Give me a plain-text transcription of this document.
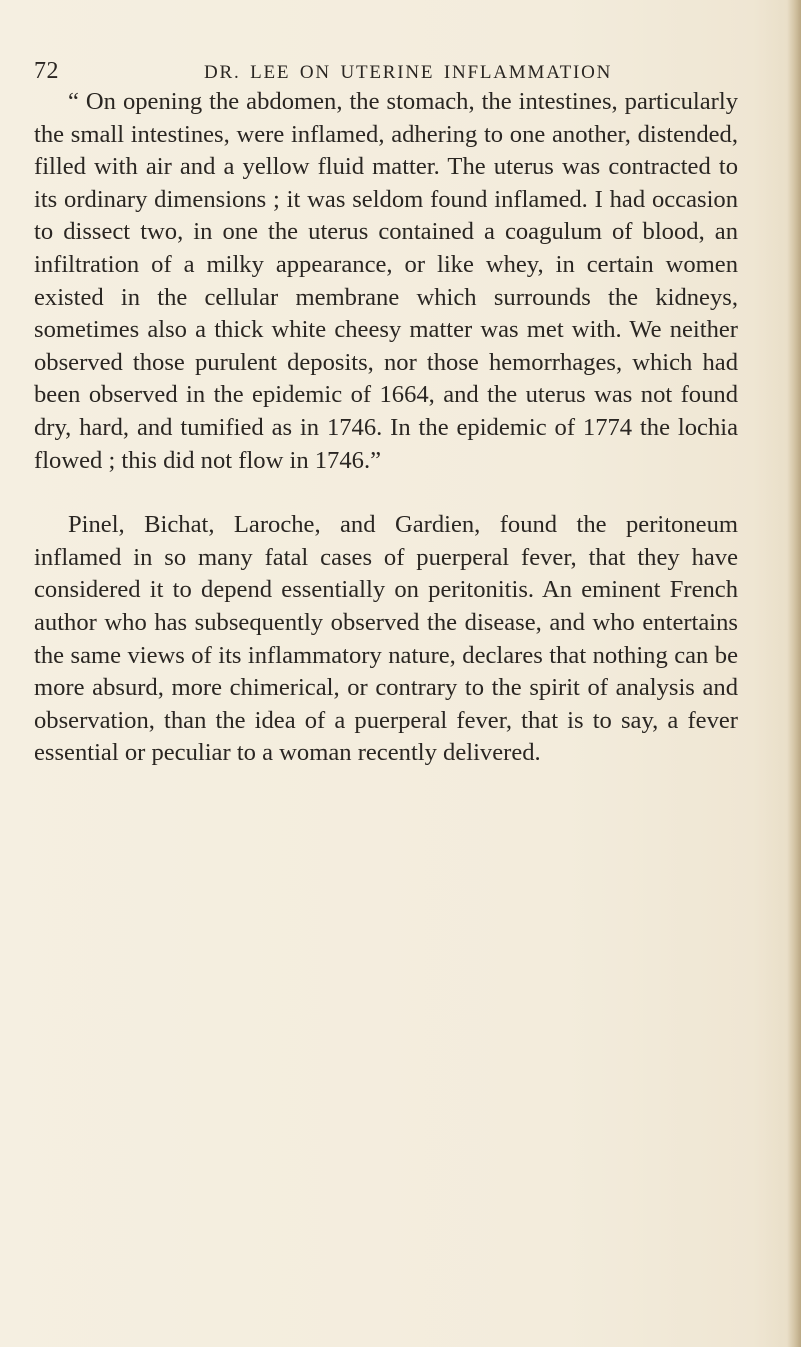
72	DR. LEE ON UTERINE INFLAMMATION

“ On opening the abdomen, the stomach, the intestines, particularly the small intestines, were inflamed, adhering to one another, distended, filled with air and a yellow fluid matter. The uterus was contracted to its ordinary dimensions ; it was seldom found inflamed. I had occasion to dissect two, in one the uterus contained a coagulum of blood, an infiltration of a milky appearance, or like whey, in certain women existed in the cellular membrane which surrounds the kidneys, sometimes also a thick white cheesy matter was met with. We neither observed those purulent deposits, nor those hemorrhages, which had been observed in the epidemic of 1664, and the uterus was not found dry, hard, and tumified as in 1746. In the epidemic of 1774 the lochia flowed ; this did not flow in 1746.”

Pinel, Bichat, Laroche, and Gardien, found the peritoneum inflamed in so many fatal cases of puerperal fever, that they have considered it to depend essentially on peritonitis. An eminent French author who has subsequently observed the disease, and who entertains the same views of its inflammatory nature, declares that nothing can be more absurd, more chimerical, or contrary to the spirit of analysis and observation, than the idea of a puerperal fever, that is to say, a fever essential or peculiar to a woman recently delivered.
